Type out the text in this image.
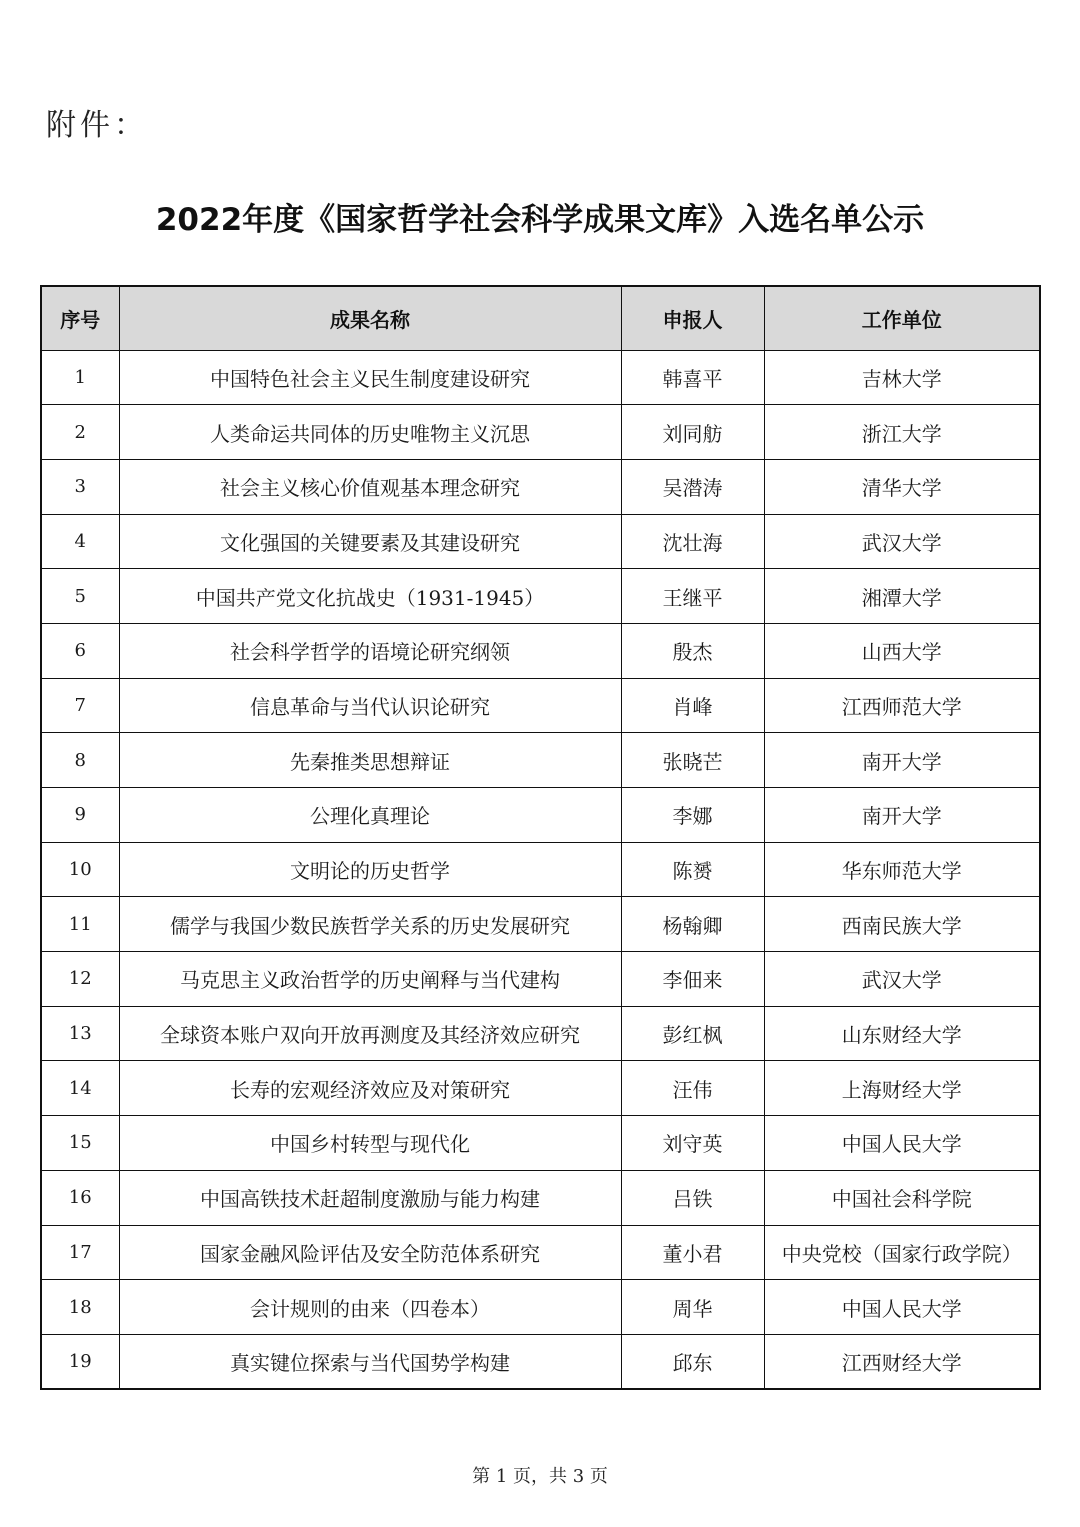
附件：
2022年度《国家哲学社会科学成果文库》入选名单公示
序号	成果名称	申报人	工作单位
1	中国特色社会主义民生制度建设研究	韩喜平	吉林大学
2	人类命运共同体的历史唯物主义沉思	刘同舫	浙江大学
3	社会主义核心价值观基本理念研究	吴潜涛	清华大学
4	文化强国的关键要素及其建设研究	沈壮海	武汉大学
5	中国共产党文化抗战史（1931-1945）	王继平	湘潭大学
6	社会科学哲学的语境论研究纲领	殷杰	山西大学
7	信息革命与当代认识论研究	肖峰	江西师范大学
8	先秦推类思想辩证	张晓芒	南开大学
9	公理化真理论	李娜	南开大学
10	文明论的历史哲学	陈赟	华东师范大学
11	儒学与我国少数民族哲学关系的历史发展研究	杨翰卿	西南民族大学
12	马克思主义政治哲学的历史阐释与当代建构	李佃来	武汉大学
13	全球资本账户双向开放再测度及其经济效应研究	彭红枫	山东财经大学
14	长寿的宏观经济效应及对策研究	汪伟	上海财经大学
15	中国乡村转型与现代化	刘守英	中国人民大学
16	中国高铁技术赶超制度激励与能力构建	吕铁	中国社会科学院
17	国家金融风险评估及安全防范体系研究	董小君	中央党校（国家行政学院）
18	会计规则的由来（四卷本）	周华	中国人民大学
19	真实键位探索与当代国势学构建	邱东	江西财经大学
第 1 页，共 3 页
